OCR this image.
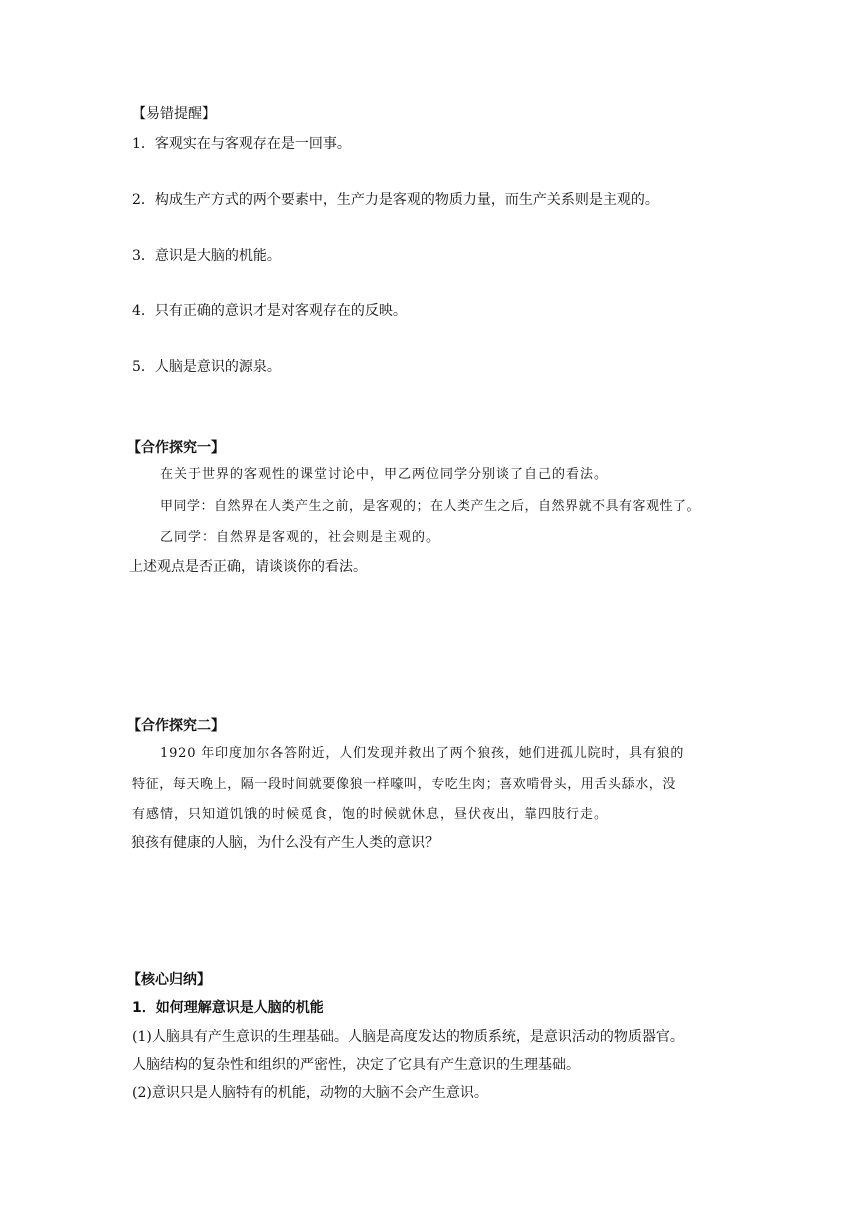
【易错提醒】
1．客观实在与客观存在是一回事。
2．构成生产方式的两个要素中，生产力是客观的物质力量，而生产关系则是主观的。
3．意识是大脑的机能。
4．只有正确的意识才是对客观存在的反映。
5．人脑是意识的源泉。
【合作探究一】
在关于世界的客观性的课堂讨论中，甲乙两位同学分别谈了自己的看法。
甲同学：自然界在人类产生之前，是客观的；在人类产生之后，自然界就不具有客观性了。
乙同学：自然界是客观的，社会则是主观的。
上述观点是否正确，请谈谈你的看法。
【合作探究二】
1920 年印度加尔各答附近，人们发现并救出了两个狼孩，她们进孤儿院时，具有狼的
特征，每天晚上，隔一段时间就要像狼一样嚎叫，专吃生肉；喜欢啃骨头，用舌头舔水，没
有感情，只知道饥饿的时候觅食，饱的时候就休息，昼伏夜出，靠四肢行走。
狼孩有健康的人脑，为什么没有产生人类的意识？
【核心归纳】
1．如何理解意识是人脑的机能
(1)人脑具有产生意识的生理基础。人脑是高度发达的物质系统，是意识活动的物质器官。
人脑结构的复杂性和组织的严密性，决定了它具有产生意识的生理基础。
(2)意识只是人脑特有的机能，动物的大脑不会产生意识。
